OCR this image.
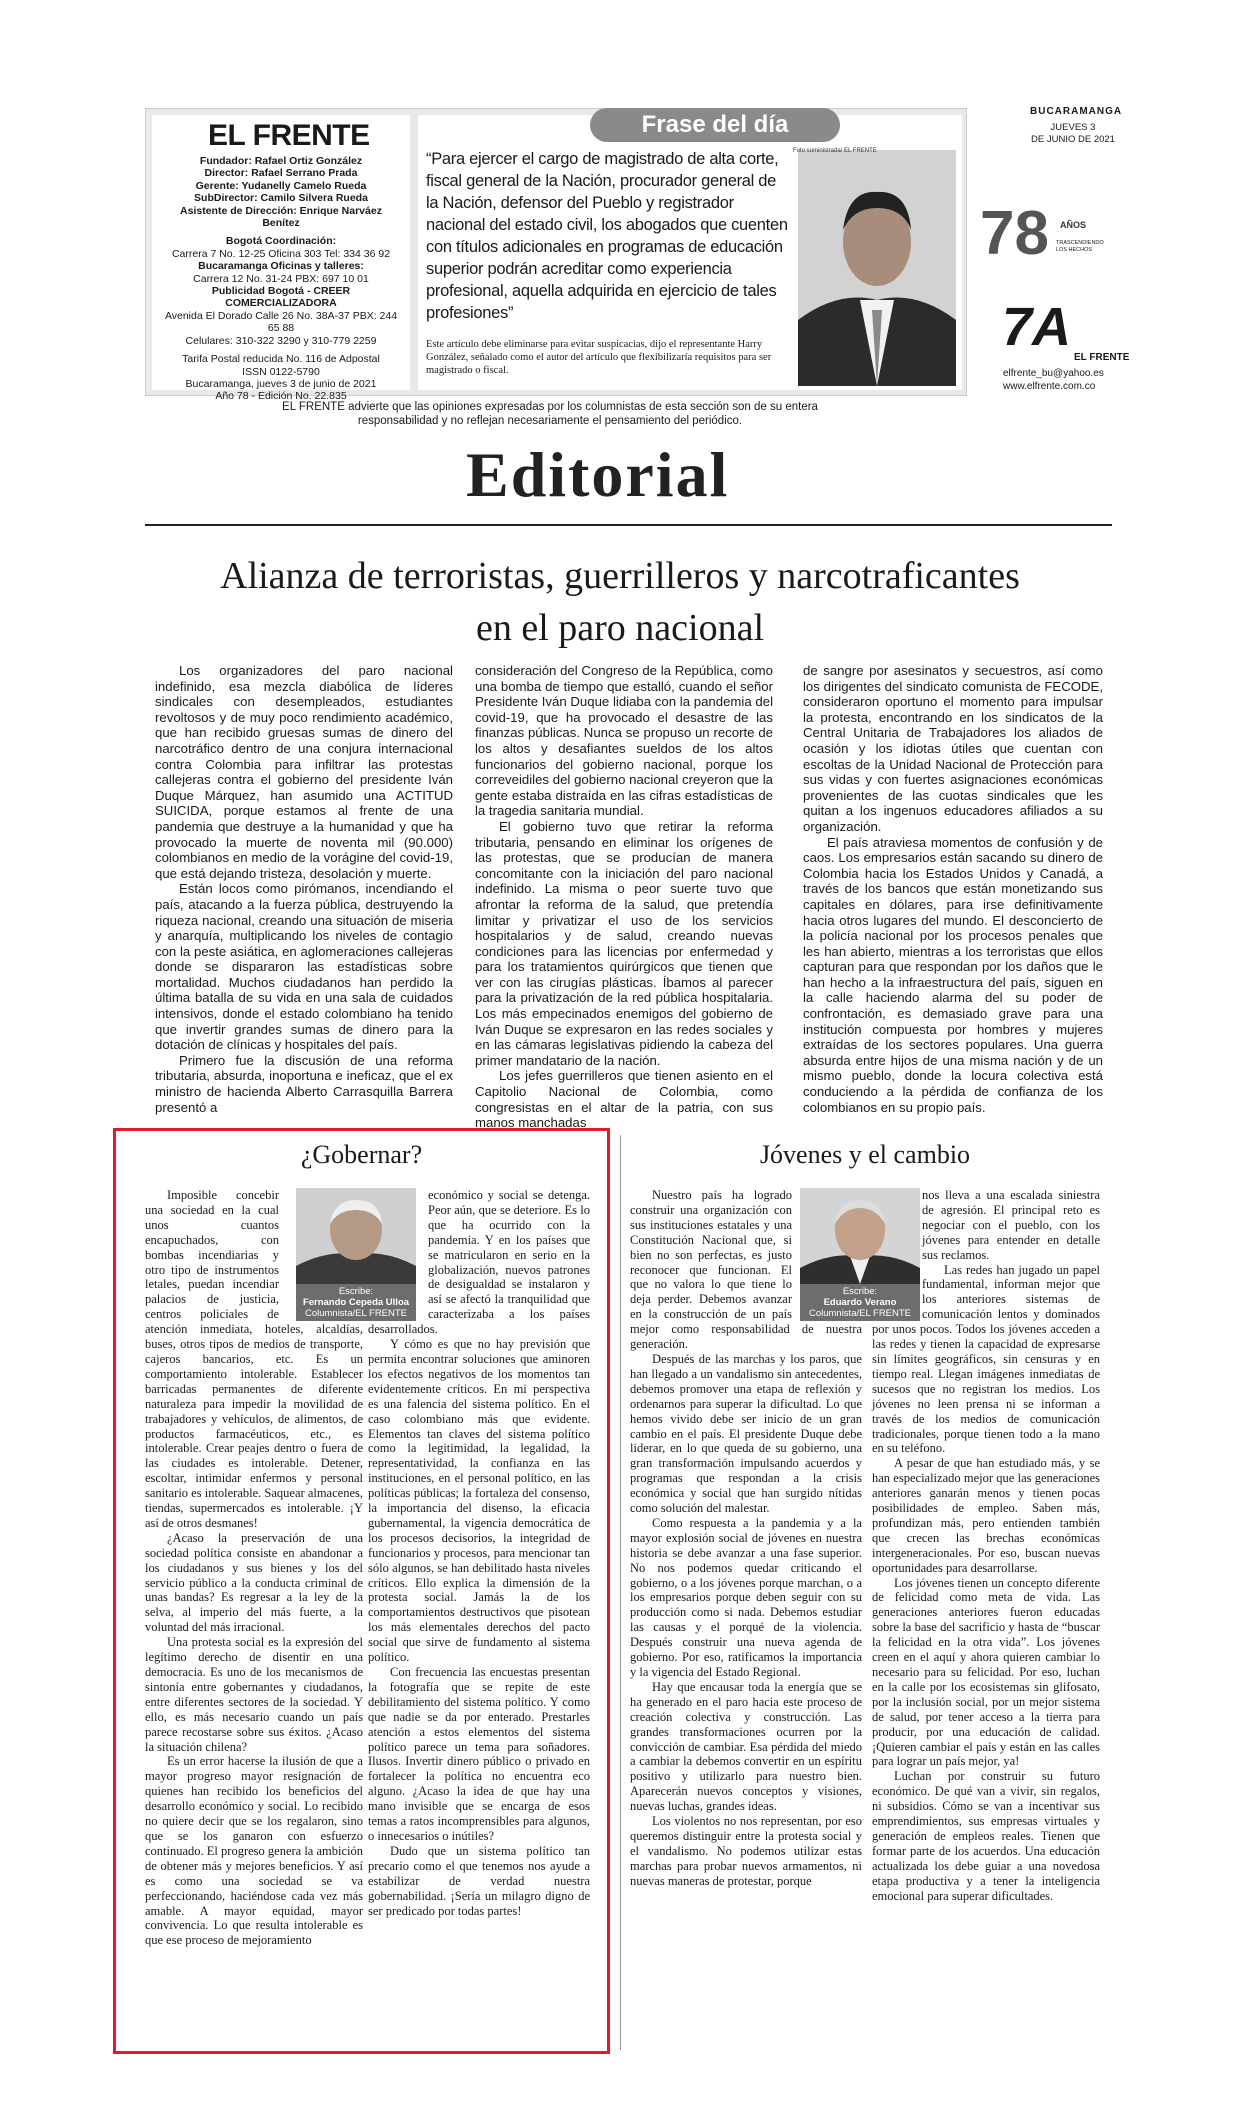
EL FRENTE
Fundador: Rafael Ortiz González
Director: Rafael Serrano Prada
Gerente: Yudanelly Camelo Rueda
SubDirector: Camilo Silvera Rueda
Asistente de Dirección: Enrique Narváez Benítez
Bogotá Coordinación:
Carrera 7 No. 12-25 Oficina 303 Tel: 334 36 92
Bucaramanga Oficinas y talleres:
Carrera 12 No. 31-24 PBX: 697 10 01
Publicidad Bogotá - CREER COMERCIALIZADORA
Avenida El Dorado Calle 26 No. 38A-37 PBX: 244 65 88
Celulares: 310-322 3290 y 310-779 2259
Tarifa Postal reducida No. 116 de Adpostal
ISSN 0122-5790
Bucaramanga, jueves 3 de junio de 2021
Año 78 - Edición No. 22.835
Frase del día
“Para ejercer el cargo de magistrado de alta corte, fiscal general de la Nación, procurador general de la Nación, defensor del Pueblo y registrador nacional del estado civil, los abogados que cuenten con títulos adicionales en programas de educación superior podrán acreditar como experiencia profesional, aquella adquirida en ejercicio de tales profesiones”
Este artículo debe eliminarse para evitar suspicacias, dijo el representante Harry González, señalado como el autor del artículo que flexibilizaría requisitos para ser magistrado o fiscal.
Foto suministrada/ EL FRENTE
BUCARAMANGA
JUEVES 3
DE JUNIO DE 2021
78 AÑOS
TRASCENDIENDO LOS HECHOS
7A
EL FRENTE
elfrente_bu@yahoo.es
www.elfrente.com.co
EL FRENTE advierte que las opiniones expresadas por los columnistas de esta sección son de su entera responsabilidad y no reflejan necesariamente el pensamiento del periódico.
Editorial
Alianza de terroristas, guerrilleros y narcotraficantes en el paro nacional

Los organizadores del paro nacional indefinido, esa mezcla diabólica de líderes sindicales con desempleados, estudiantes revoltosos y de muy poco rendimiento académico, que han recibido gruesas sumas de dinero del narcotráfico dentro de una conjura internacional contra Colombia para infiltrar las protestas callejeras contra el gobierno del presidente Iván Duque Márquez, han asumido una ACTITUD SUICIDA, porque estamos al frente de una pandemia que destruye a la humanidad y que ha provocado la muerte de noventa mil (90.000) colombianos en medio de la vorágine del covid-19, que está dejando tristeza, desolación y muerte.

Están locos como pirómanos, incendiando el país, atacando a la fuerza pública, destruyendo la riqueza nacional, creando una situación de miseria y anarquía, multiplicando los niveles de contagio con la peste asiática, en aglomeraciones callejeras donde se dispararon las estadísticas sobre mortalidad. Muchos ciudadanos han perdido la última batalla de su vida en una sala de cuidados intensivos, donde el estado colombiano ha tenido que invertir grandes sumas de dinero para la dotación de clínicas y hospitales del país.

Primero fue la discusión de una reforma tributaria, absurda, inoportuna e ineficaz, que el ex ministro de hacienda Alberto Carrasquilla Barrera presentó a

consideración del Congreso de la República, como una bomba de tiempo que estalló, cuando el señor Presidente Iván Duque lidiaba con la pandemia del covid-19, que ha provocado el desastre de las finanzas públicas. Nunca se propuso un recorte de los altos y desafiantes sueldos de los altos funcionarios del gobierno nacional, porque los correveidiles del gobierno nacional creyeron que la gente estaba distraída en las cifras estadísticas de la tragedia sanitaria mundial.

El gobierno tuvo que retirar la reforma tributaria, pensando en eliminar los orígenes de las protestas, que se producían de manera concomitante con la iniciación del paro nacional indefinido. La misma o peor suerte tuvo que afrontar la reforma de la salud, que pretendía limitar y privatizar el uso de los servicios hospitalarios y de salud, creando nuevas condiciones para las licencias por enfermedad y para los tratamientos quirúrgicos que tienen que ver con las cirugías plásticas. Íbamos al parecer para la privatización de la red pública hospitalaria. Los más empecinados enemigos del gobierno de Iván Duque se expresaron en las redes sociales y en las cámaras legislativas pidiendo la cabeza del primer mandatario de la nación.

Los jefes guerrilleros que tienen asiento en el Capitolio Nacional de Colombia, como congresistas en el altar de la patria, con sus manos manchadas

de sangre por asesinatos y secuestros, así como los dirigentes del sindicato comunista de FECODE, consideraron oportuno el momento para impulsar la protesta, encontrando en los sindicatos de la Central Unitaria de Trabajadores los aliados de ocasión y los idiotas útiles que cuentan con escoltas de la Unidad Nacional de Protección para sus vidas y con fuertes asignaciones económicas provenientes de las cuotas sindicales que les quitan a los ingenuos educadores afiliados a su organización.

El país atraviesa momentos de confusión y de caos. Los empresarios están sacando su dinero de Colombia hacia los Estados Unidos y Canadá, a través de los bancos que están monetizando sus capitales en dólares, para irse definitivamente hacia otros lugares del mundo. El desconcierto de la policía nacional por los procesos penales que les han abierto, mientras a los terroristas que ellos capturan para que respondan por los daños que le han hecho a la infraestructura del país, siguen en la calle haciendo alarma del su poder de confrontación, es demasiado grave para una institución compuesta por hombres y mujeres extraídas de los sectores populares. Una guerra absurda entre hijos de una misma nación y de un mismo pueblo, donde la locura colectiva está conduciendo a la pérdida de confianza de los colombianos en su propio país.

¿Gobernar?
Escribe:
Fernando Cepeda Ulloa
Columnista/EL FRENTE

Imposible concebir una sociedad en la cual unos cuantos encapuchados, con bombas incendiarias y otro tipo de instrumentos letales, puedan incendiar palacios de justicia, centros policiales de atención inmediata, hoteles, alcaldías, buses, otros tipos de medios de transporte, cajeros bancarios, etc. Es un comportamiento intolerable. Establecer barricadas permanentes de diferente naturaleza para impedir la movilidad de trabajadores y vehículos, de alimentos, de productos farmacéuticos, etc., es intolerable. Crear peajes dentro o fuera de las ciudades es intolerable. Detener, escoltar, intimidar enfermos y personal sanitario es intolerable. Saquear almacenes, tiendas, supermercados es intolerable. ¡Y así de otros desmanes!

¿Acaso la preservación de una sociedad política consiste en abandonar a los ciudadanos y sus bienes y los del servicio público a la conducta criminal de unas bandas? Es regresar a la ley de la selva, al imperio del más fuerte, a la voluntad del más irracional.

Una protesta social es la expresión del legítimo derecho de disentir en una democracia. Es uno de los mecanismos de sintonía entre gobernantes y ciudadanos, entre diferentes sectores de la sociedad. Y ello, es más necesario cuando un país parece recostarse sobre sus éxitos. ¿Acaso la situación chilena?

Es un error hacerse la ilusión de que a mayor progreso mayor resignación de quienes han recibido los beneficios del desarrollo económico y social. Lo recibido no quiere decir que se los regalaron, sino que se los ganaron con esfuerzo continuado. El progreso genera la ambición de obtener más y mejores beneficios. Y así es como una sociedad se va perfeccionando, haciéndose cada vez más amable. A mayor equidad, mayor convivencia. Lo que resulta intolerable es que ese proceso de mejoramiento

económico y social se detenga. Peor aún, que se deteriore. Es lo que ha ocurrido con la pandemia. Y en los países que se matricularon en serio en la globalización, nuevos patrones de desigualdad se instalaron y así se afectó la tranquilidad que caracterizaba a los países desarrollados.

Y cómo es que no hay previsión que permita encontrar soluciones que aminoren los efectos negativos de los momentos tan evidentemente críticos. En mi perspectiva es una falencia del sistema político. En el caso colombiano más que evidente. Elementos tan claves del sistema político como la legitimidad, la legalidad, la representatividad, la confianza en las instituciones, en el personal político, en las políticas públicas; la fortaleza del consenso, la importancia del disenso, la eficacia gubernamental, la vigencia democrática de los procesos decisorios, la integridad de funcionarios y procesos, para mencionar tan sólo algunos, se han debilitado hasta niveles críticos. Ello explica la dimensión de la protesta social. Jamás la de los comportamientos destructivos que pisotean los más elementales derechos del pacto social que sirve de fundamento al sistema político.

Con frecuencia las encuestas presentan la fotografía que se repite de este debilitamiento del sistema político. Y como que nadie se da por enterado. Prestarles atención a estos elementos del sistema político parece un tema para soñadores. Ilusos. Invertir dinero público o privado en fortalecer la política no encuentra eco alguno. ¿Acaso la idea de que hay una mano invisible que se encarga de esos temas a ratos incomprensibles para algunos, o innecesarios o inútiles?

Dudo que un sistema político tan precario como el que tenemos nos ayude a estabilizar de verdad nuestra gobernabilidad. ¡Sería un milagro digno de ser predicado por todas partes!

Jóvenes y el cambio
Escribe:
Eduardo Verano
Columnista/EL FRENTE

Nuestro país ha logrado construir una organización con sus instituciones estatales y una Constitución Nacional que, si bien no son perfectas, es justo reconocer que funcionan. El que no valora lo que tiene lo deja perder. Debemos avanzar en la construcción de un país mejor como responsabilidad de nuestra generación.

Después de las marchas y los paros, que han llegado a un vandalismo sin antecedentes, debemos promover una etapa de reflexión y ordenarnos para superar la dificultad. Lo que hemos vivido debe ser inicio de un gran cambio en el país. El presidente Duque debe liderar, en lo que queda de su gobierno, una gran transformación impulsando acuerdos y programas que respondan a la crisis económica y social que han surgido nítidas como solución del malestar.

Como respuesta a la pandemia y a la mayor explosión social de jóvenes en nuestra historia se debe avanzar a una fase superior. No nos podemos quedar criticando el gobierno, o a los jóvenes porque marchan, o a los empresarios porque deben seguir con su producción como si nada. Debemos estudiar las causas y el porqué de la violencia. Después construir una nueva agenda de gobierno. Por eso, ratificamos la importancia y la vigencia del Estado Regional.

Hay que encausar toda la energía que se ha generado en el paro hacia este proceso de creación colectiva y construcción. Las grandes transformaciones ocurren por la convicción de cambiar. Esa pérdida del miedo a cambiar la debemos convertir en un espíritu positivo y utilizarlo para nuestro bien. Aparecerán nuevos conceptos y visiones, nuevas luchas, grandes ideas.

Los violentos no nos representan, por eso queremos distinguir entre la protesta social y el vandalismo. No podemos utilizar estas marchas para probar nuevos armamentos, ni nuevas maneras de protestar, porque

nos lleva a una escalada siniestra de agresión. El principal reto es negociar con el pueblo, con los jóvenes para entender en detalle sus reclamos.

Las redes han jugado un papel fundamental, informan mejor que los anteriores sistemas de comunicación lentos y dominados por unos pocos. Todos los jóvenes acceden a las redes y tienen la capacidad de expresarse sin límites geográficos, sin censuras y en tiempo real. Llegan imágenes inmediatas de sucesos que no registran los medios. Los jóvenes no leen prensa ni se informan a través de los medios de comunicación tradicionales, porque tienen todo a la mano en su teléfono.

A pesar de que han estudiado más, y se han especializado mejor que las generaciones anteriores ganarán menos y tienen pocas posibilidades de empleo. Saben más, profundizan más, pero entienden también que crecen las brechas económicas intergeneracionales. Por eso, buscan nuevas oportunidades para desarrollarse.

Los jóvenes tienen un concepto diferente de felicidad como meta de vida. Las generaciones anteriores fueron educadas sobre la base del sacrificio y hasta de “buscar la felicidad en la otra vida”. Los jóvenes creen en el aquí y ahora quieren cambiar lo necesario para su felicidad. Por eso, luchan en la calle por los ecosistemas sin glifosato, por la inclusión social, por un mejor sistema de salud, por tener acceso a la tierra para producir, por una educación de calidad. ¡Quieren cambiar el país y están en las calles para lograr un país mejor, ya!

Luchan por construir su futuro económico. De qué van a vivir, sin regalos, ni subsidios. Cómo se van a incentivar sus emprendimientos, sus empresas virtuales y generación de empleos reales. Tienen que formar parte de los acuerdos. Una educación actualizada los debe guiar a una novedosa etapa productiva y a tener la inteligencia emocional para superar dificultades.
